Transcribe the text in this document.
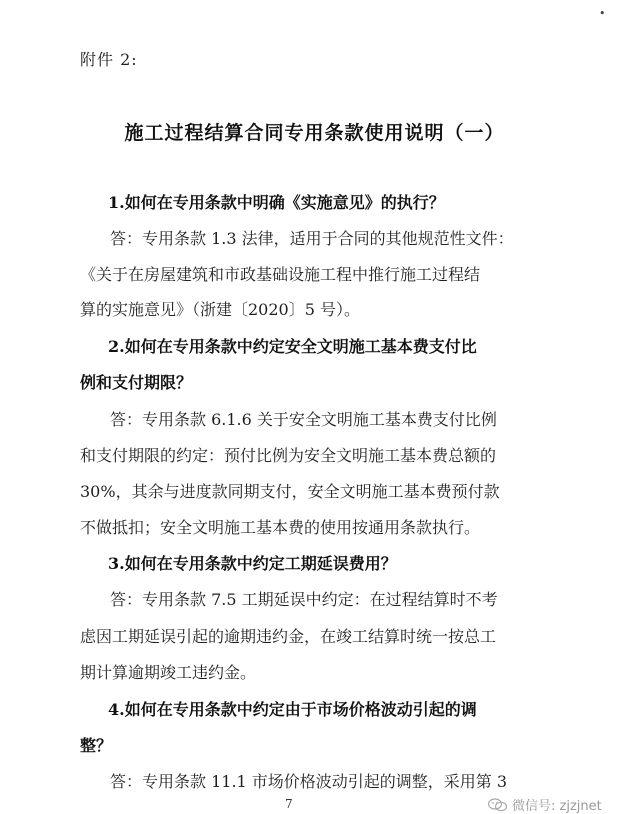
•
附件 2:
施工过程结算合同专用条款使用说明（一）
1.如何在专用条款中明确《实施意见》的执行？
答：专用条款 1.3 法律，适用于合同的其他规范性文件：
《关于在房屋建筑和市政基础设施工程中推行施工过程结
算的实施意见》（浙建〔2020〕5 号）。
2.如何在专用条款中约定安全文明施工基本费支付比
例和支付期限？
答：专用条款 6.1.6 关于安全文明施工基本费支付比例
和支付期限的约定：预付比例为安全文明施工基本费总额的
30%，其余与进度款同期支付，安全文明施工基本费预付款
不做抵扣；安全文明施工基本费的使用按通用条款执行。
3.如何在专用条款中约定工期延误费用？
答：专用条款 7.5 工期延误中约定：在过程结算时不考
虑因工期延误引起的逾期违约金，在竣工结算时统一按总工
期计算逾期竣工违约金。
4.如何在专用条款中约定由于市场价格波动引起的调
整？
答：专用条款 11.1 市场价格波动引起的调整，采用第 3
7	微信号: zjzjnet
